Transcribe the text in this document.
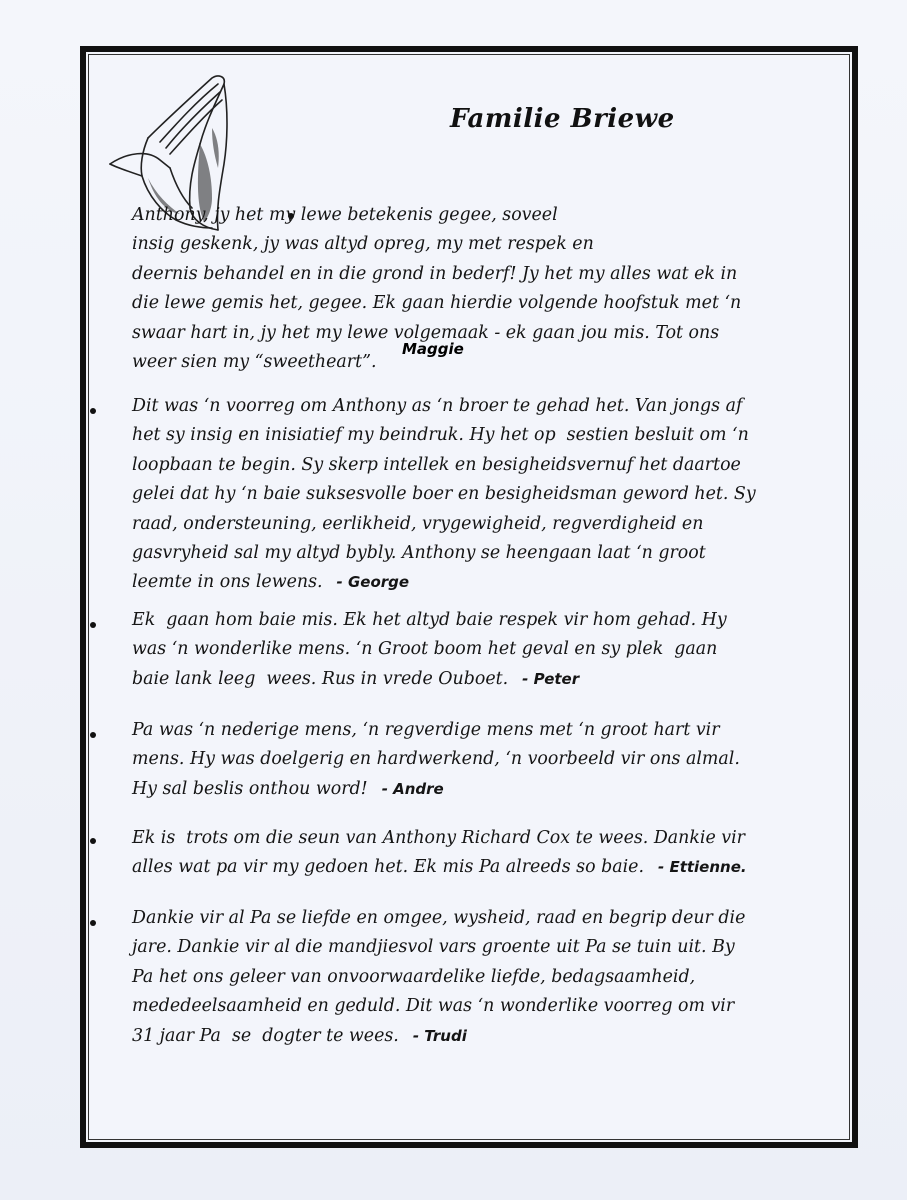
Familie Briewe
Anthony, jy het my lewe betekenis gegee, soveel
insig geskenk, jy was altyd opreg, my met respek en
deernis behandel en in die grond in bederf! Jy het my alles wat ek in
die lewe gemis het, gegee. Ek gaan hierdie volgende hoofstuk met ‘n
swaar hart in, jy het my lewe volgemaak - ek gaan jou mis. Tot ons
weer sien my “sweetheart”.
Maggie
Dit was ‘n voorreg om Anthony as ‘n broer te gehad het. Van jongs af
het sy insig en inisiatief my beindruk. Hy het op  sestien besluit om ‘n
loopbaan te begin. Sy skerp intellek en besigheidsvernuf het daartoe
gelei dat hy ‘n baie suksesvolle boer en besigheidsman geword het. Sy
raad, ondersteuning, eerlikheid, vrygewigheid, regverdigheid en
gasvryheid sal my altyd bybly. Anthony se heengaan laat ‘n groot
leemte in ons lewens. - George
Ek  gaan hom baie mis. Ek het altyd baie respek vir hom gehad. Hy
was ‘n wonderlike mens. ‘n Groot boom het geval en sy plek  gaan
baie lank leeg  wees. Rus in vrede Ouboet. - Peter
Pa was ‘n nederige mens, ‘n regverdige mens met ‘n groot hart vir
mens. Hy was doelgerig en hardwerkend, ‘n voorbeeld vir ons almal.
Hy sal beslis onthou word! - Andre
Ek is  trots om die seun van Anthony Richard Cox te wees. Dankie vir
alles wat pa vir my gedoen het. Ek mis Pa alreeds so baie. - Ettienne.
Dankie vir al Pa se liefde en omgee, wysheid, raad en begrip deur die
jare. Dankie vir al die mandjiesvol vars groente uit Pa se tuin uit. By
Pa het ons geleer van onvoorwaardelike liefde, bedagsaamheid,
mededeelsaamheid en geduld. Dit was ‘n wonderlike voorreg om vir
31 jaar Pa  se  dogter te wees. - Trudi
